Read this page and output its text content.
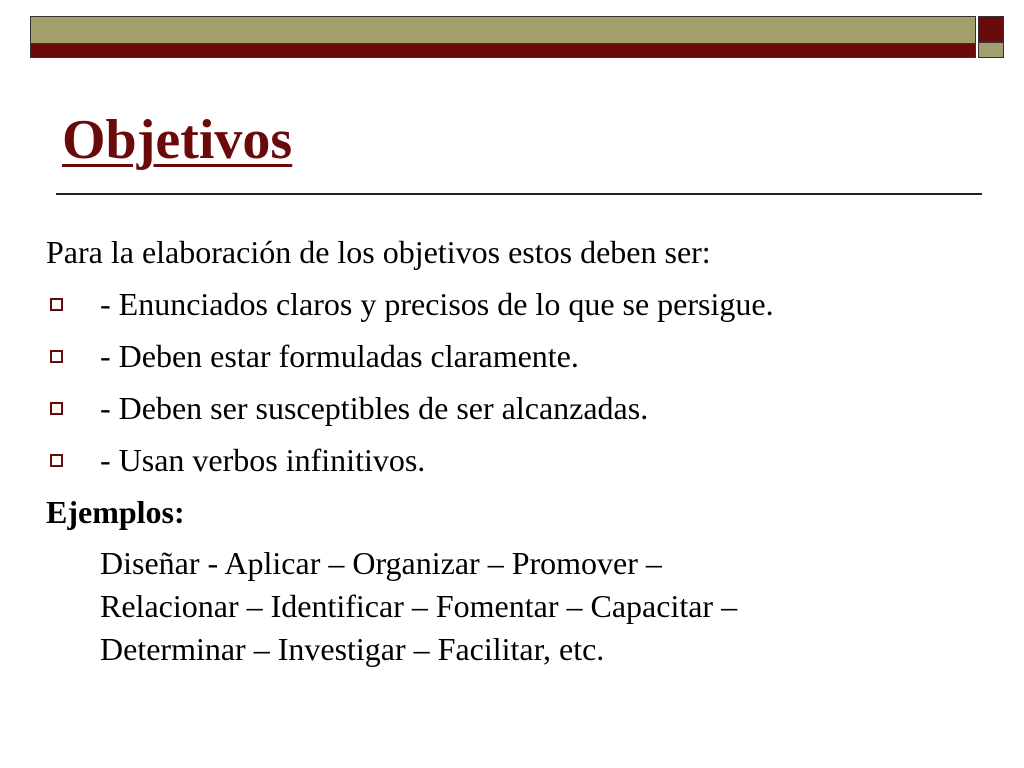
Objetivos

Para la elaboración de los objetivos estos deben ser:

- Enunciados claros y precisos de lo que se persigue.
- Deben estar formuladas claramente.
- Deben ser susceptibles de ser alcanzadas.
- Usan verbos infinitivos.

Ejemplos:

Diseñar - Aplicar – Organizar – Promover –
Relacionar – Identificar – Fomentar – Capacitar –
Determinar – Investigar – Facilitar, etc.
